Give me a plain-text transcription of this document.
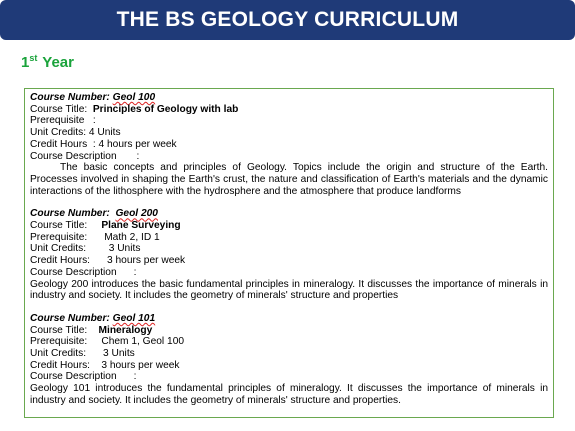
THE BS GEOLOGY CURRICULUM
1st Year
Course Number: Geol 100
Course Title:  Principles of Geology with lab
Prerequisite   :
Unit Credits: 4 Units
Credit Hours  : 4 hours per week
Course Description       :
The basic concepts and principles of Geology. Topics include the origin and structure of the Earth. Processes involved in shaping the Earth's crust, the nature and classification of Earth's materials and the dynamic interactions of the lithosphere with the hydrosphere and the atmosphere that produce landforms
Course Number:  Geol 200
Course Title:     Plane Surveying
Prerequisite:      Math 2, ID 1
Unit Credits:        3 Units
Credit Hours:      3 hours per week
Course Description      :
Geology 200 introduces the basic fundamental principles in mineralogy. It discusses the importance of minerals in industry and society. It includes the geometry of minerals' structure and properties
Course Number: Geol 101
Course Title:    Mineralogy
Prerequisite:     Chem 1, Geol 100
Unit Credits:      3 Units
Credit Hours:    3 hours per week
Course Description      :
Geology 101 introduces the fundamental principles of mineralogy. It discusses the importance of minerals in industry and society. It includes the geometry of minerals' structure and properties.
